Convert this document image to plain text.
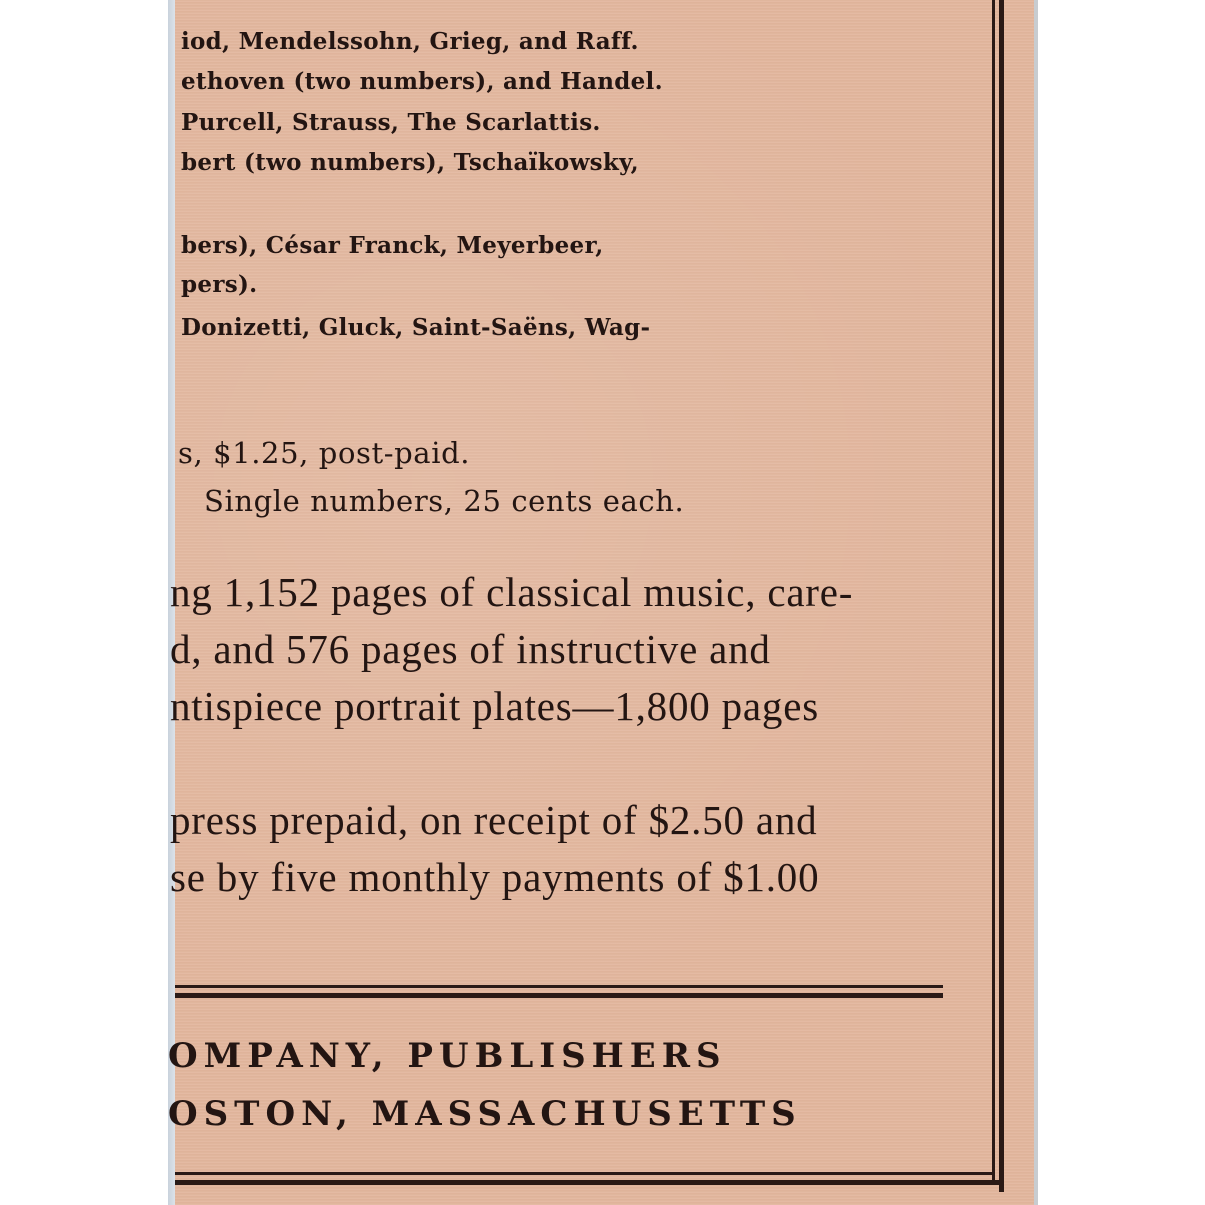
iod, Mendelssohn, Grieg, and Raff.
ethoven (two numbers), and Handel.
Purcell, Strauss, The Scarlattis.
bert (two numbers), Tschaïkowsky,
bers), César Franck, Meyerbeer,
pers).
Donizetti, Gluck, Saint-Saëns, Wag-
s, $1.25, post-paid.
Single numbers, 25 cents each.
ng 1,152 pages of classical music, care-
d, and 576 pages of instructive and
ntispiece portrait plates—1,800 pages
press prepaid, on receipt of $2.50 and
se by five monthly payments of $1.00
OMPANY, PUBLISHERS
OSTON, MASSACHUSETTS
